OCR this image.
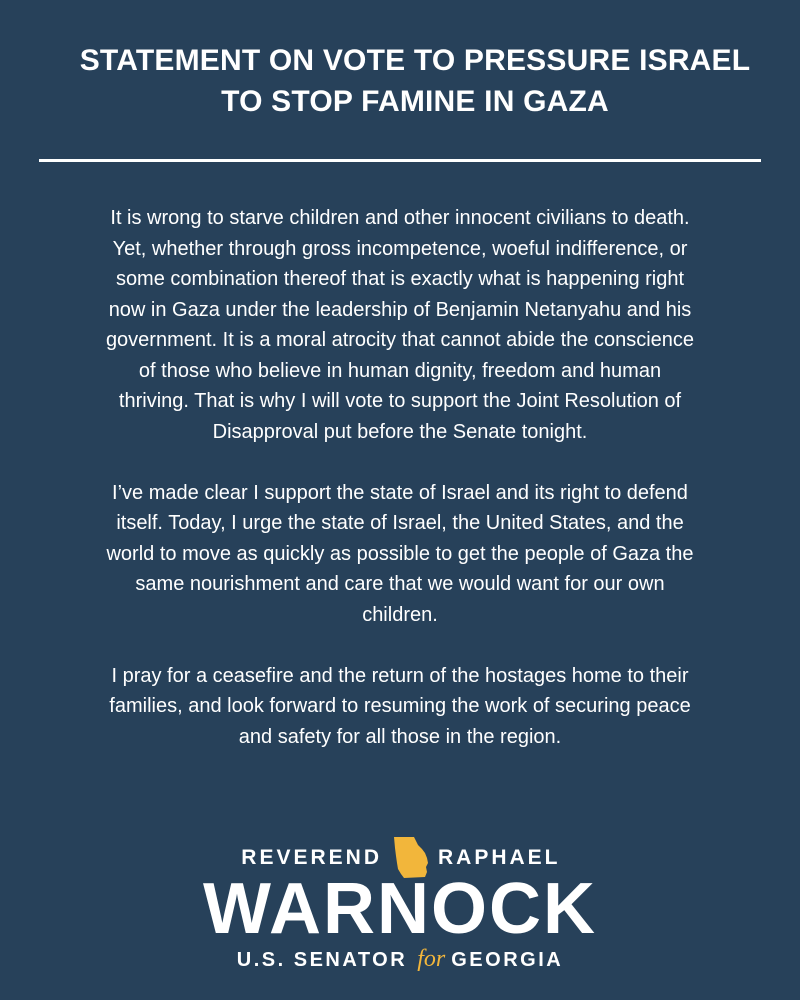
STATEMENT ON VOTE TO PRESSURE ISRAEL
TO STOP FAMINE IN GAZA

It is wrong to starve children and other innocent civilians to death.
Yet, whether through gross incompetence, woeful indifference, or
some combination thereof that is exactly what is happening right
now in Gaza under the leadership of Benjamin Netanyahu and his
government. It is a moral atrocity that cannot abide the conscience
of those who believe in human dignity, freedom and human
thriving. That is why I will vote to support the Joint Resolution of
Disapproval put before the Senate tonight.

I’ve made clear I support the state of Israel and its right to defend
itself. Today, I urge the state of Israel, the United States, and the
world to move as quickly as possible to get the people of Gaza the
same nourishment and care that we would want for our own
children.

I pray for a ceasefire and the return of the hostages home to their
families, and look forward to resuming the work of securing peace
and safety for all those in the region.

REVEREND	RAPHAEL
WARNOCK
U.S. SENATOR for GEORGIA
